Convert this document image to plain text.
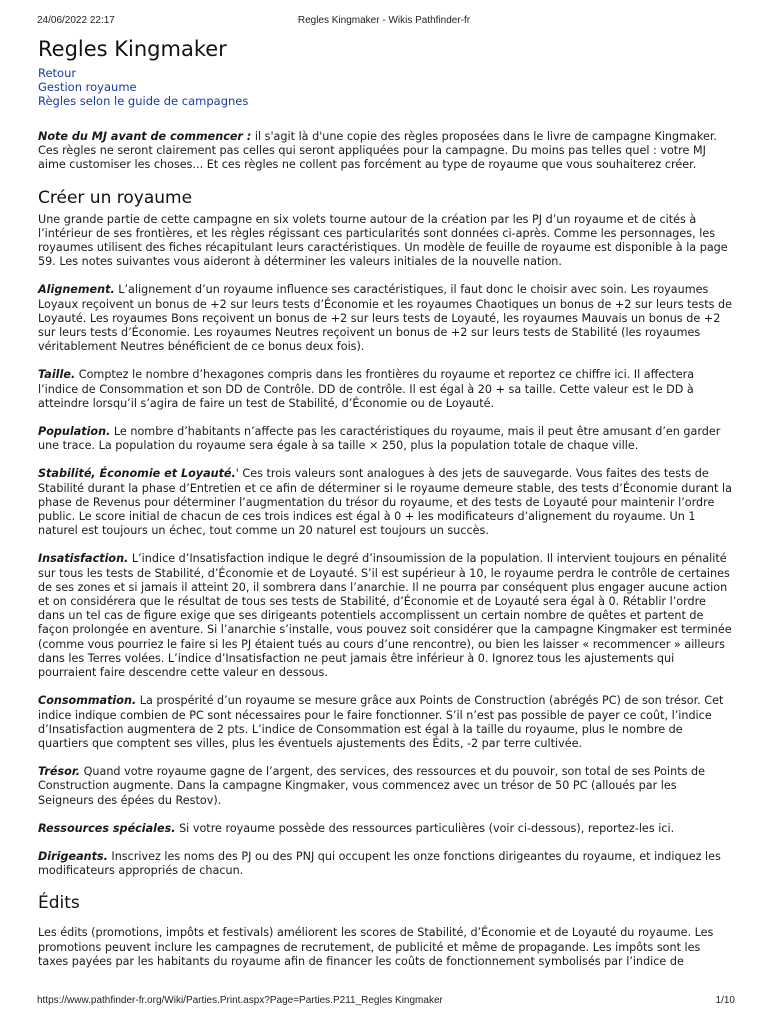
24/06/2022 22:17	Regles Kingmaker - Wikis Pathfinder-fr
Regles Kingmaker
Retour
Gestion royaume
Règles selon le guide de campagnes

Note du MJ avant de commencer : il s'agit là d'une copie des règles proposées dans le livre de campagne Kingmaker. Ces règles ne seront clairement pas celles qui seront appliquées pour la campagne. Du moins pas telles quel : votre MJ aime customiser les choses... Et ces règles ne collent pas forcément au type de royaume que vous souhaiterez créer.

Créer un royaume

Une grande partie de cette campagne en six volets tourne autour de la création par les PJ d’un royaume et de cités à l’intérieur de ses frontières, et les règles régissant ces particularités sont données ci-après. Comme les personnages, les royaumes utilisent des fiches récapitulant leurs caractéristiques. Un modèle de feuille de royaume est disponible à la page 59. Les notes suivantes vous aideront à déterminer les valeurs initiales de la nouvelle nation.

Alignement. L’alignement d’un royaume influence ses caractéristiques, il faut donc le choisir avec soin. Les royaumes Loyaux reçoivent un bonus de +2 sur leurs tests d’Économie et les royaumes Chaotiques un bonus de +2 sur leurs tests de Loyauté. Les royaumes Bons reçoivent un bonus de +2 sur leurs tests de Loyauté, les royaumes Mauvais un bonus de +2 sur leurs tests d’Économie. Les royaumes Neutres reçoivent un bonus de +2 sur leurs tests de Stabilité (les royaumes véritablement Neutres bénéficient de ce bonus deux fois).

Taille. Comptez le nombre d’hexagones compris dans les frontières du royaume et reportez ce chiffre ici. Il affectera l’indice de Consommation et son DD de Contrôle. DD de contrôle. Il est égal à 20 + sa taille. Cette valeur est le DD à atteindre lorsqu’il s’agira de faire un test de Stabilité, d’Économie ou de Loyauté.

Population. Le nombre d’habitants n’affecte pas les caractéristiques du royaume, mais il peut être amusant d’en garder une trace. La population du royaume sera égale à sa taille × 250, plus la population totale de chaque ville.

Stabilité, Économie et Loyauté.' Ces trois valeurs sont analogues à des jets de sauvegarde. Vous faites des tests de Stabilité durant la phase d’Entretien et ce afin de déterminer si le royaume demeure stable, des tests d’Économie durant la phase de Revenus pour déterminer l’augmentation du trésor du royaume, et des tests de Loyauté pour maintenir l’ordre public. Le score initial de chacun de ces trois indices est égal à 0 + les modificateurs d’alignement du royaume. Un 1 naturel est toujours un échec, tout comme un 20 naturel est toujours un succès.

Insatisfaction. L’indice d’Insatisfaction indique le degré d’insoumission de la population. Il intervient toujours en pénalité sur tous les tests de Stabilité, d’Économie et de Loyauté. S’il est supérieur à 10, le royaume perdra le contrôle de certaines de ses zones et si jamais il atteint 20, il sombrera dans l’anarchie. Il ne pourra par conséquent plus engager aucune action et on considérera que le résultat de tous ses tests de Stabilité, d’Économie et de Loyauté sera égal à 0. Rétablir l’ordre dans un tel cas de figure exige que ses dirigeants potentiels accomplissent un certain nombre de quêtes et partent de façon prolongée en aventure. Si l’anarchie s’installe, vous pouvez soit considérer que la campagne Kingmaker est terminée (comme vous pourriez le faire si les PJ étaient tués au cours d’une rencontre), ou bien les laisser « recommencer » ailleurs dans les Terres volées. L’indice d’Insatisfaction ne peut jamais être inférieur à 0. Ignorez tous les ajustements qui pourraient faire descendre cette valeur en dessous.

Consommation. La prospérité d’un royaume se mesure grâce aux Points de Construction (abrégés PC) de son trésor. Cet indice indique combien de PC sont nécessaires pour le faire fonctionner. S’il n’est pas possible de payer ce coût, l’indice d’Insatisfaction augmentera de 2 pts. L’indice de Consommation est égal à la taille du royaume, plus le nombre de quartiers que comptent ses villes, plus les éventuels ajustements des Édits, -2 par terre cultivée.

Trésor. Quand votre royaume gagne de l’argent, des services, des ressources et du pouvoir, son total de ses Points de Construction augmente. Dans la campagne Kingmaker, vous commencez avec un trésor de 50 PC (alloués par les Seigneurs des épées du Restov).

Ressources spéciales. Si votre royaume possède des ressources particulières (voir ci-dessous), reportez-les ici.

Dirigeants. Inscrivez les noms des PJ ou des PNJ qui occupent les onze fonctions dirigeantes du royaume, et indiquez les modificateurs appropriés de chacun.

Édits

Les édits (promotions, impôts et festivals) améliorent les scores de Stabilité, d’Économie et de Loyauté du royaume. Les promotions peuvent inclure les campagnes de recrutement, de publicité et même de propagande. Les impôts sont les taxes payées par les habitants du royaume afin de financer les coûts de fonctionnement symbolisés par l’indice de

https://www.pathfinder-fr.org/Wiki/Parties.Print.aspx?Page=Parties.P211_Regles Kingmaker	1/10
